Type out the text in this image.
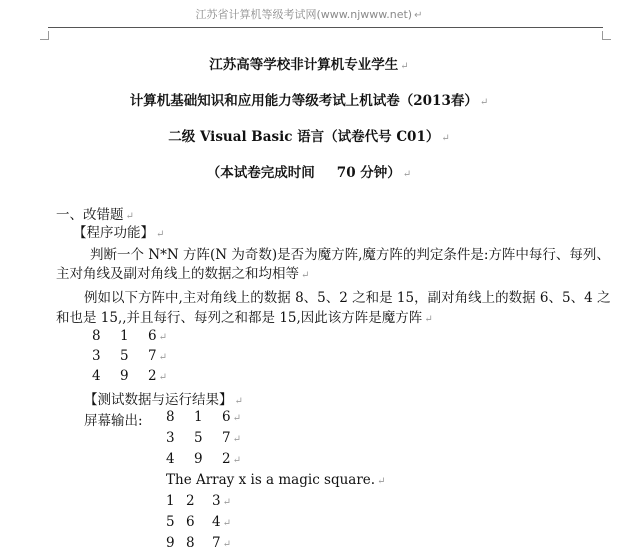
江苏省计算机等级考试网(www.njwww.net) ↵
江苏高等学校非计算机专业学生 ↵
计算机基础知识和应用能力等级考试上机试卷（2013春） ↵
二级 Visual Basic 语言（试卷代号 C01） ↵
（本试卷完成时间 70 分钟） ↵
一、改错题 ↵
【程序功能】 ↵
判断一个 N*N 方阵(N 为奇数)是否为魔方阵,魔方阵的判定条件是:方阵中每行、每列、
主对角线及副对角线上的数据之和均相等 ↵
例如以下方阵中,主对角线上的数据 8、5、2 之和是 15，副对角线上的数据 6、5、4 之
和也是 15,,并且每行、每列之和都是 15,因此该方阵是魔方阵 ↵
8 1 6 ↵
3 5 7 ↵
4 9 2 ↵
【测试数据与运行结果】 ↵
屏幕输出: 8 1 6 ↵
3 5 7 ↵
4 9 2 ↵
The Array x is a magic square. ↵
1 2 3 ↵
5 6 4 ↵
9 8 7 ↵
